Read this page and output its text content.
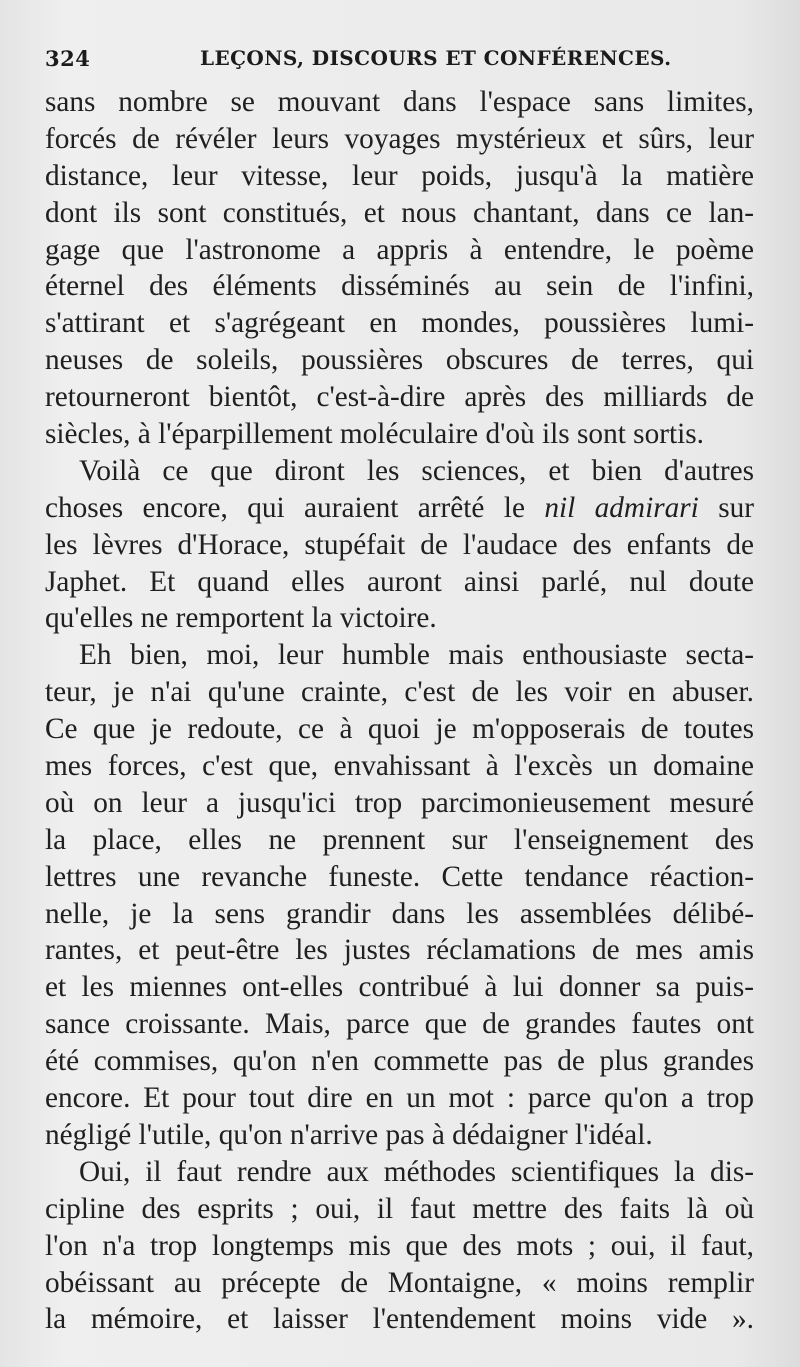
324	LEÇONS, DISCOURS ET CONFÉRENCES.
sans nombre se mouvant dans l'espace sans limites,
forcés de révéler leurs voyages mystérieux et sûrs, leur
distance, leur vitesse, leur poids, jusqu'à la matière
dont ils sont constitués, et nous chantant, dans ce lan-
gage que l'astronome a appris à entendre, le poème
éternel des éléments disséminés au sein de l'infini,
s'attirant et s'agrégeant en mondes, poussières lumi-
neuses de soleils, poussières obscures de terres, qui
retourneront bientôt, c'est-à-dire après des milliards de
siècles, à l'éparpillement moléculaire d'où ils sont sortis.
Voilà ce que diront les sciences, et bien d'autres
choses encore, qui auraient arrêté le nil admirari sur
les lèvres d'Horace, stupéfait de l'audace des enfants de
Japhet. Et quand elles auront ainsi parlé, nul doute
qu'elles ne remportent la victoire.
Eh bien, moi, leur humble mais enthousiaste secta-
teur, je n'ai qu'une crainte, c'est de les voir en abuser.
Ce que je redoute, ce à quoi je m'opposerais de toutes
mes forces, c'est que, envahissant à l'excès un domaine
où on leur a jusqu'ici trop parcimonieusement mesuré
la place, elles ne prennent sur l'enseignement des
lettres une revanche funeste. Cette tendance réaction-
nelle, je la sens grandir dans les assemblées délibé-
rantes, et peut-être les justes réclamations de mes amis
et les miennes ont-elles contribué à lui donner sa puis-
sance croissante. Mais, parce que de grandes fautes ont
été commises, qu'on n'en commette pas de plus grandes
encore. Et pour tout dire en un mot : parce qu'on a trop
négligé l'utile, qu'on n'arrive pas à dédaigner l'idéal.
Oui, il faut rendre aux méthodes scientifiques la dis-
cipline des esprits ; oui, il faut mettre des faits là où
l'on n'a trop longtemps mis que des mots ; oui, il faut,
obéissant au précepte de Montaigne, « moins remplir
la mémoire, et laisser l'entendement moins vide ».
